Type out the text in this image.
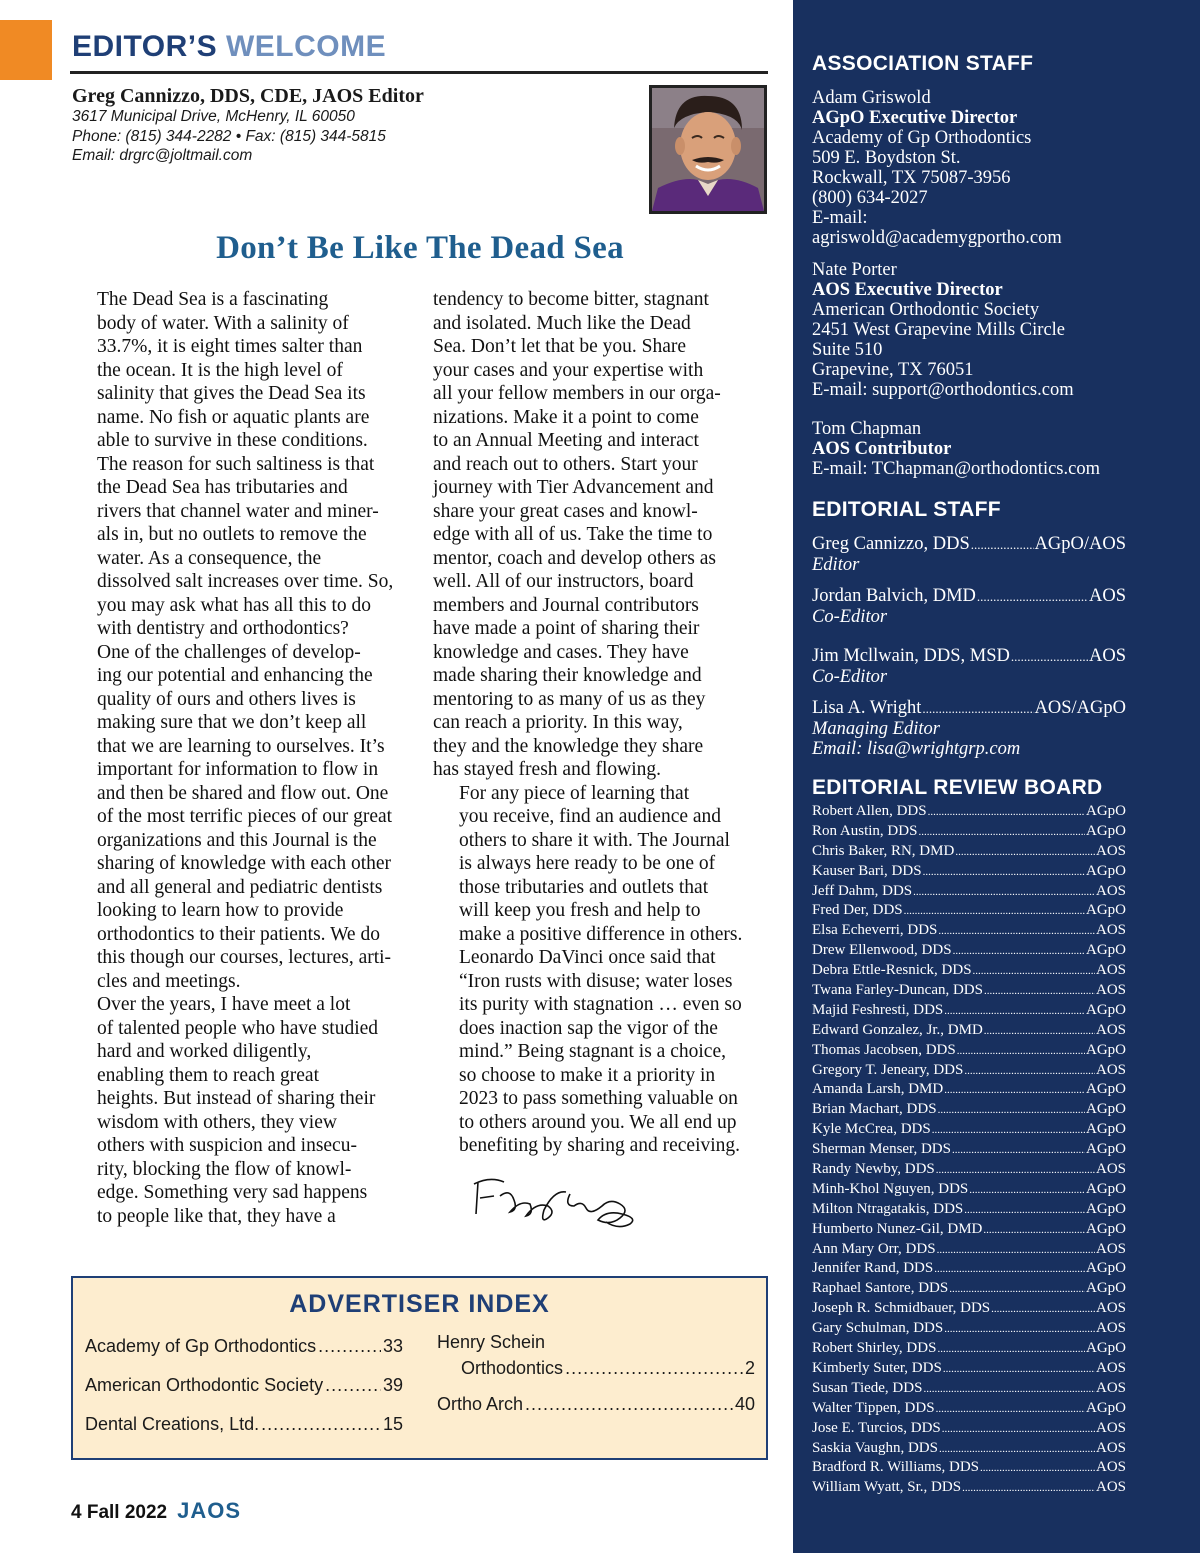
EDITOR’S WELCOME
Greg Cannizzo, DDS, CDE, JAOS Editor
3617 Municipal Drive, McHenry, IL 60050
Phone: (815) 344-2282 • Fax: (815) 344-5815
Email: drgrc@joltmail.com
Don’t Be Like The Dead Sea

The Dead Sea is a fascinating
body of water. With a salinity of
33.7%, it is eight times salter than
the ocean. It is the high level of
salinity that gives the Dead Sea its
name. No fish or aquatic plants are
able to survive in these conditions.
The reason for such saltiness is that
the Dead Sea has tributaries and
rivers that channel water and miner-
als in, but no outlets to remove the
water. As a consequence, the
dissolved salt increases over time. So,
you may ask what has all this to do
with dentistry and orthodontics?

One of the challenges of develop-
ing our potential and enhancing the
quality of ours and others lives is
making sure that we don’t keep all
that we are learning to ourselves. It’s
important for information to flow in
and then be shared and flow out. One
of the most terrific pieces of our great
organizations and this Journal is the
sharing of knowledge with each other
and all general and pediatric dentists
looking to learn how to provide
orthodontics to their patients. We do
this though our courses, lectures, arti-
cles and meetings.

Over the years, I have meet a lot
of talented people who have studied
hard and worked diligently,
enabling them to reach great
heights. But instead of sharing their
wisdom with others, they view
others with suspicion and insecu-
rity, blocking the flow of knowl-
edge. Something very sad happens
to people like that, they have a

tendency to become bitter, stagnant
and isolated. Much like the Dead
Sea. Don’t let that be you. Share
your cases and your expertise with
all your fellow members in our orga-
nizations. Make it a point to come
to an Annual Meeting and interact
and reach out to others. Start your
journey with Tier Advancement and
share your great cases and knowl-
edge with all of us. Take the time to
mentor, coach and develop others as
well. All of our instructors, board
members and Journal contributors
have made a point of sharing their
knowledge and cases. They have
made sharing their knowledge and
mentoring to as many of us as they
can reach a priority. In this way,
they and the knowledge they share
has stayed fresh and flowing.

For any piece of learning that
you receive, find an audience and
others to share it with. The Journal
is always here ready to be one of
those tributaries and outlets that
will keep you fresh and help to
make a positive difference in others.
Leonardo DaVinci once said that
“Iron rusts with disuse; water loses
its purity with stagnation … even so
does inaction sap the vigor of the
mind.” Being stagnant is a choice,
so choose to make it a priority in
2023 to pass something valuable on
to others around you. We all end up
benefiting by sharing and receiving.

ADVERTISER INDEX
Academy of Gp Orthodontics .....	33
American Orthodontic Society .....	39
Dental Creations, Ltd. .....	15
Henry Schein
Orthodontics .....	2
Ortho Arch .....	40
4 Fall 2022 JAOS
ASSOCIATION STAFF
Adam Griswold
AGpO Executive Director
Academy of Gp Orthodontics
509 E. Boydston St.
Rockwall, TX 75087-3956
(800) 634-2027
E-mail:
agriswold@academygportho.com
Nate Porter
AOS Executive Director
American Orthodontic Society
2451 West Grapevine Mills Circle
Suite 510
Grapevine, TX 76051
E-mail: support@orthodontics.com
Tom Chapman
AOS Contributor
E-mail: TChapman@orthodontics.com
EDITORIAL STAFF
Greg Cannizzo, DDS .....	AGpO/AOS
Editor
Jordan Balvich, DMD .....	AOS
Co-Editor
Jim Mcllwain, DDS, MSD .....	AOS
Co-Editor
Lisa A. Wright .....	AOS/AGpO
Managing Editor
Email: lisa@wrightgrp.com
EDITORIAL REVIEW BOARD
Robert Allen, DDS .....	AGpO
Ron Austin, DDS .....	AGpO
Chris Baker, RN, DMD .....	AOS
Kauser Bari, DDS .....	AGpO
Jeff Dahm, DDS .....	AOS
Fred Der, DDS .....	AGpO
Elsa Echeverri, DDS .....	AOS
Drew Ellenwood, DDS .....	AGpO
Debra Ettle-Resnick, DDS .....	AOS
Twana Farley-Duncan, DDS .....	AOS
Majid Feshresti, DDS .....	AGpO
Edward Gonzalez, Jr., DMD .....	AOS
Thomas Jacobsen, DDS .....	AGpO
Gregory T. Jeneary, DDS .....	AOS
Amanda Larsh, DMD .....	AGpO
Brian Machart, DDS .....	AGpO
Kyle McCrea, DDS .....	AGpO
Sherman Menser, DDS .....	AGpO
Randy Newby, DDS .....	AOS
Minh-Khol Nguyen, DDS .....	AGpO
Milton Ntragatakis, DDS .....	AGpO
Humberto Nunez-Gil, DMD .....	AGpO
Ann Mary Orr, DDS .....	AOS
Jennifer Rand, DDS .....	AGpO
Raphael Santore, DDS .....	AGpO
Joseph R. Schmidbauer, DDS .....	AOS
Gary Schulman, DDS .....	AOS
Robert Shirley, DDS .....	AGpO
Kimberly Suter, DDS .....	AOS
Susan Tiede, DDS .....	AOS
Walter Tippen, DDS .....	AGpO
Jose E. Turcios, DDS .....	AOS
Saskia Vaughn, DDS .....	AOS
Bradford R. Williams, DDS .....	AOS
William Wyatt, Sr., DDS .....	AOS
